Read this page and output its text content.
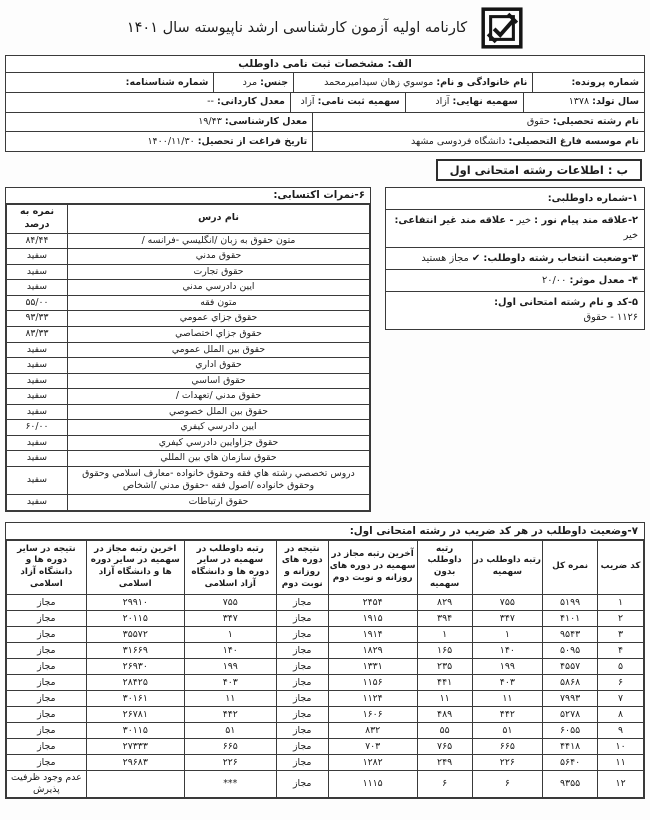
کارنامه اولیه آزمون کارشناسی ارشد ناپیوسته سال ۱۴۰۱
الف: مشخصات ثبت نامی داوطلب
شماره پرونده:
نام خانوادگی و نام: موسوي زهان سیدامیرمحمد
جنس: مرد
شماره شناسنامه:
سال تولد: ۱۳۷۸
سهمیه نهایی: آزاد
سهمیه ثبت نامی: آزاد
معدل کاردانی: --
نام رشته تحصیلی: حقوق
معدل کارشناسی: ۱۹/۴۳
نام موسسه فارغ التحصیلی: دانشگاه فردوسی مشهد
تاریخ فراغت از تحصیل: ۱۴۰۰/۱۱/۳۰
ب : اطلاعات رشته امتحانی اول
۱-شماره داوطلبی:
۲-علاقه مند پیام نور : خیر - علاقه مند غیر انتفاعی: خیر
۳-وضعیت انتخاب رشته داوطلب: ✔ مجاز هستید
۴- معدل موثر: ۲۰/۰۰
۵-کد و نام رشته امتحانی اول:
۱۱۲۶ - حقوق
۶-نمرات اکتسابی:
نام درس	نمره به درصد
متون حقوق به زبان /انگلیسي -فرانسه /	۸۴/۴۴
حقوق مدني	سفید
حقوق تجارت	سفید
ایین دادرسي مدني	سفید
متون فقه	۵۵/۰۰
حقوق جزاي عمومي	۹۳/۳۳
حقوق جزاي اختصاصي	۸۳/۳۳
حقوق بین الملل عمومي	سفید
حقوق اداري	سفید
حقوق اساسي	سفید
حقوق مدني /تعهدات /	سفید
حقوق بین الملل خصوصي	سفید
ایین دادرسي کیفري	۶۰/۰۰
حقوق جزاوایین دادرسي کیفري	سفید
حقوق سازمان هاي بین المللي	سفید
دروس تخصصي رشته هاي فقه وحقوق خانواده -معارف اسلامي وحقوق وحقوق خانواده /اصول فقه -حقوق مدني /اشخاص	سفید
حقوق ارتباطات	سفید
۷-وضعیت داوطلب در هر کد ضریب در رشته امتحانی اول:
کد ضریب	نمره کل	رتبه داوطلب در سهمیه	رتبه داوطلب بدون سهمیه	آخرین رتبه مجاز در سهمیه در دوره های روزانه و نوبت دوم	نتیجه در دوره های روزانه و نوبت دوم	رتبه داوطلب در سهمیه در سایر دوره ها و دانشگاه آزاد اسلامی	اخرین رتبه مجاز در سهمیه در سایر دوره ها و دانشگاه آزاد اسلامی	نتیجه در سایر دوره ها و دانشگاه آزاد اسلامی
۱	۵۱۹۹	۷۵۵	۸۲۹	۲۴۵۴	مجاز	۷۵۵	۲۹۹۱۰	مجاز
۲	۴۱۰۱	۳۴۷	۳۹۴	۱۹۱۵	مجاز	۳۴۷	۲۰۱۱۵	مجاز
۳	۹۵۴۳	۱	۱	۱۹۱۴	مجاز	۱	۳۵۵۷۲	مجاز
۴	۵۰۹۵	۱۴۰	۱۶۵	۱۸۲۹	مجاز	۱۴۰	۳۱۶۶۹	مجاز
۵	۴۵۵۷	۱۹۹	۲۳۵	۱۳۳۱	مجاز	۱۹۹	۲۶۹۳۰	مجاز
۶	۵۸۶۸	۴۰۳	۴۴۱	۱۱۵۶	مجاز	۴۰۳	۲۸۴۲۵	مجاز
۷	۷۹۹۳	۱۱	۱۱	۱۱۲۴	مجاز	۱۱	۳۰۱۶۱	مجاز
۸	۵۲۷۸	۴۴۲	۴۸۹	۱۶۰۶	مجاز	۴۴۲	۲۶۷۸۱	مجاز
۹	۶۰۵۵	۵۱	۵۵	۸۳۲	مجاز	۵۱	۳۰۱۱۵	مجاز
۱۰	۴۴۱۸	۶۶۵	۷۶۵	۷۰۳	مجاز	۶۶۵	۲۷۳۳۳	مجاز
۱۱	۵۶۴۰	۲۲۶	۲۴۹	۱۲۸۲	مجاز	۲۲۶	۲۹۶۸۳	مجاز
۱۲	۹۳۵۵	۶	۶	۱۱۱۵	مجاز	***		عدم وجود ظرفیت پذیرش
